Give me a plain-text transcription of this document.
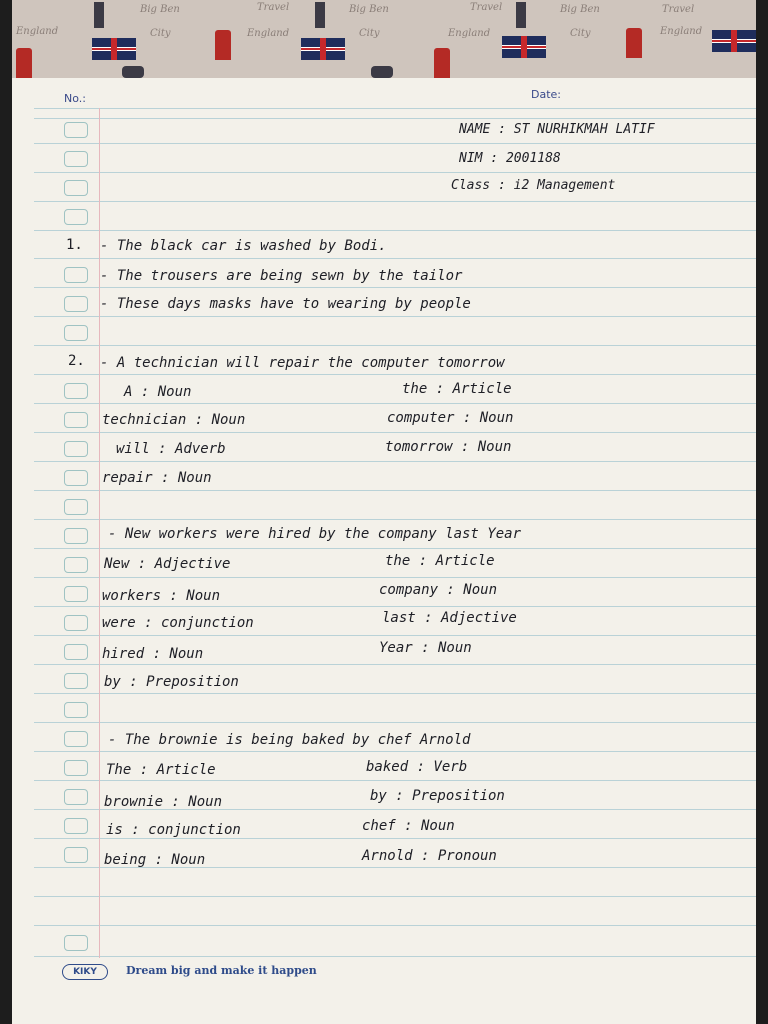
England
Big Ben
City
Travel
England
Big Ben
City
Travel
England
Big Ben
City
Travel
England
No.:	Date:
NAME : ST NURHIKMAH LATIF
NIM : 2001188
Class : i2 Management
1. - The black car is washed by Bodi.
- The trousers are being sewn by the tailor
- These days masks have to wearing by people
2. - A technician will repair the computer tomorrow
A : Noun
technician : Noun
will : Adverb
repair : Noun
the : Article
computer : Noun
tomorrow : Noun
- New workers were hired by the company last Year
New : Adjective
workers : Noun
were : conjunction
hired : Noun
by : Preposition
the : Article
company : Noun
last : Adjective
Year : Noun
- The brownie is being baked by chef Arnold
The : Article
brownie : Noun
is : conjunction
being : Noun
baked : Verb
by : Preposition
chef : Noun
Arnold : Pronoun
KIKY	Dream big and make it happen
